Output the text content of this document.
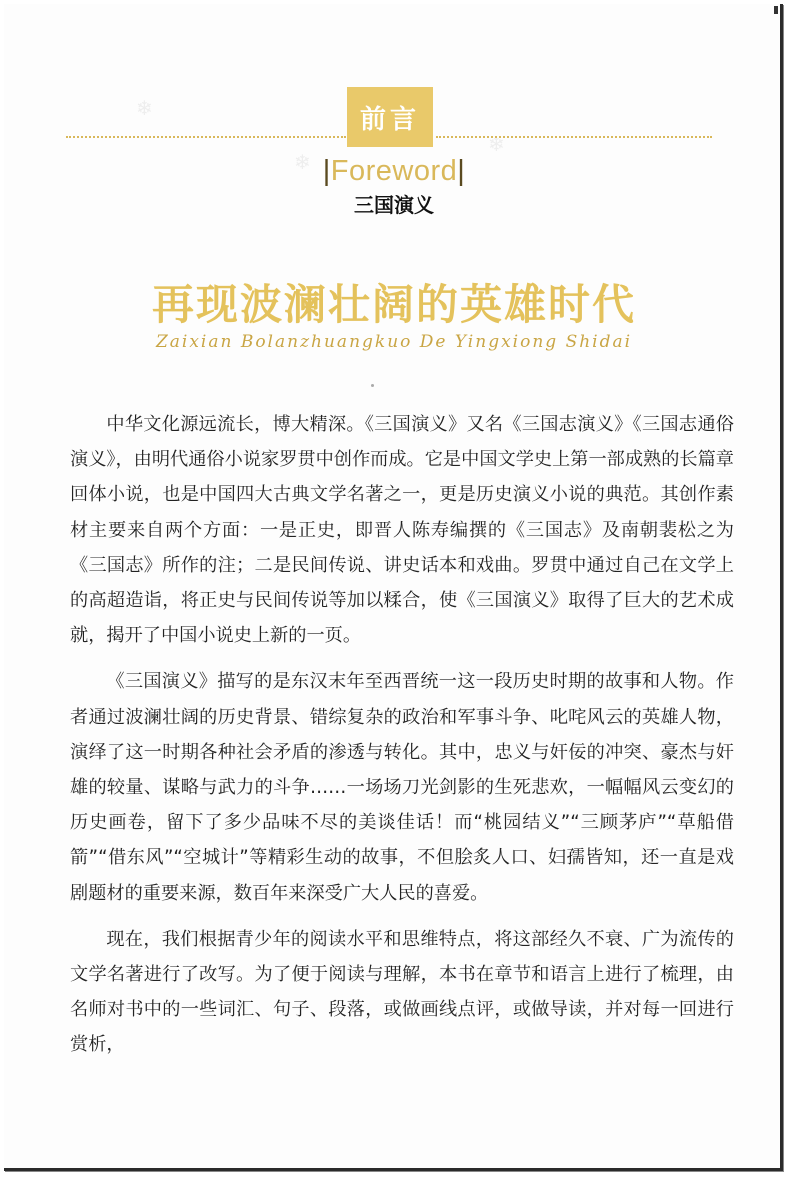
❄
❄
❄
前言
|Foreword|
三国演义
再现波澜壮阔的英雄时代
Zaixian Bolanzhuangkuo De Yingxiong Shidai

中华文化源远流长，博大精深。《三国演义》又名《三国志演义》《三国志通俗演义》，由明代通俗小说家罗贯中创作而成。它是中国文学史上第一部成熟的长篇章回体小说，也是中国四大古典文学名著之一，更是历史演义小说的典范。其创作素材主要来自两个方面：一是正史，即晋人陈寿编撰的《三国志》及南朝裴松之为《三国志》所作的注；二是民间传说、讲史话本和戏曲。罗贯中通过自己在文学上的高超造诣，将正史与民间传说等加以糅合，使《三国演义》取得了巨大的艺术成就，揭开了中国小说史上新的一页。

《三国演义》描写的是东汉末年至西晋统一这一段历史时期的故事和人物。作者通过波澜壮阔的历史背景、错综复杂的政治和军事斗争、叱咤风云的英雄人物，演绎了这一时期各种社会矛盾的渗透与转化。其中，忠义与奸佞的冲突、豪杰与奸雄的较量、谋略与武力的斗争……一场场刀光剑影的生死悲欢，一幅幅风云变幻的历史画卷，留下了多少品味不尽的美谈佳话！而“桃园结义”“三顾茅庐”“草船借箭”“借东风”“空城计”等精彩生动的故事，不但脍炙人口、妇孺皆知，还一直是戏剧题材的重要来源，数百年来深受广大人民的喜爱。

现在，我们根据青少年的阅读水平和思维特点，将这部经久不衰、广为流传的文学名著进行了改写。为了便于阅读与理解，本书在章节和语言上进行了梳理，由名师对书中的一些词汇、句子、段落，或做画线点评，或做导读，并对每一回进行赏析，
